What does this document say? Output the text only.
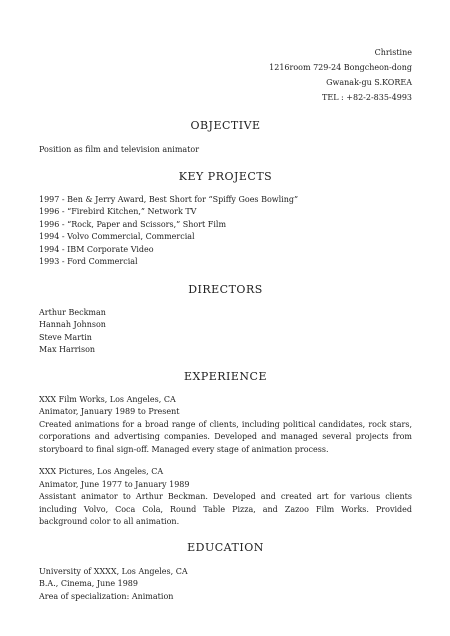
Christine
1216room 729-24 Bongcheon-dong
Gwanak-gu S.KOREA
TEL : +82-2-835-4993
OBJECTIVE
Position as film and television animator
KEY PROJECTS
1997 - Ben & Jerry Award, Best Short for “Spiffy Goes Bowling”
1996 - “Firebird Kitchen,” Network TV
1996 - “Rock, Paper and Scissors,” Short Film
1994 - Volvo Commercial, Commercial
1994 - IBM Corporate Video
1993 - Ford Commercial
DIRECTORS
Arthur Beckman
Hannah Johnson
Steve Martin
Max Harrison
EXPERIENCE
XXX Film Works, Los Angeles, CA
Animator, January 1989 to Present
Created animations for a broad range of clients, including political candidates, rock stars, corporations and advertising companies. Developed and managed several projects from storyboard to final sign-off. Managed every stage of animation process.
XXX Pictures, Los Angeles, CA
Animator, June 1977 to January 1989
Assistant animator to Arthur Beckman. Developed and created art for various clients including Volvo, Coca Cola, Round Table Pizza, and Zazoo Film Works. Provided background color to all animation.
EDUCATION
University of XXXX, Los Angeles, CA
B.A., Cinema, June 1989
Area of specialization: Animation
